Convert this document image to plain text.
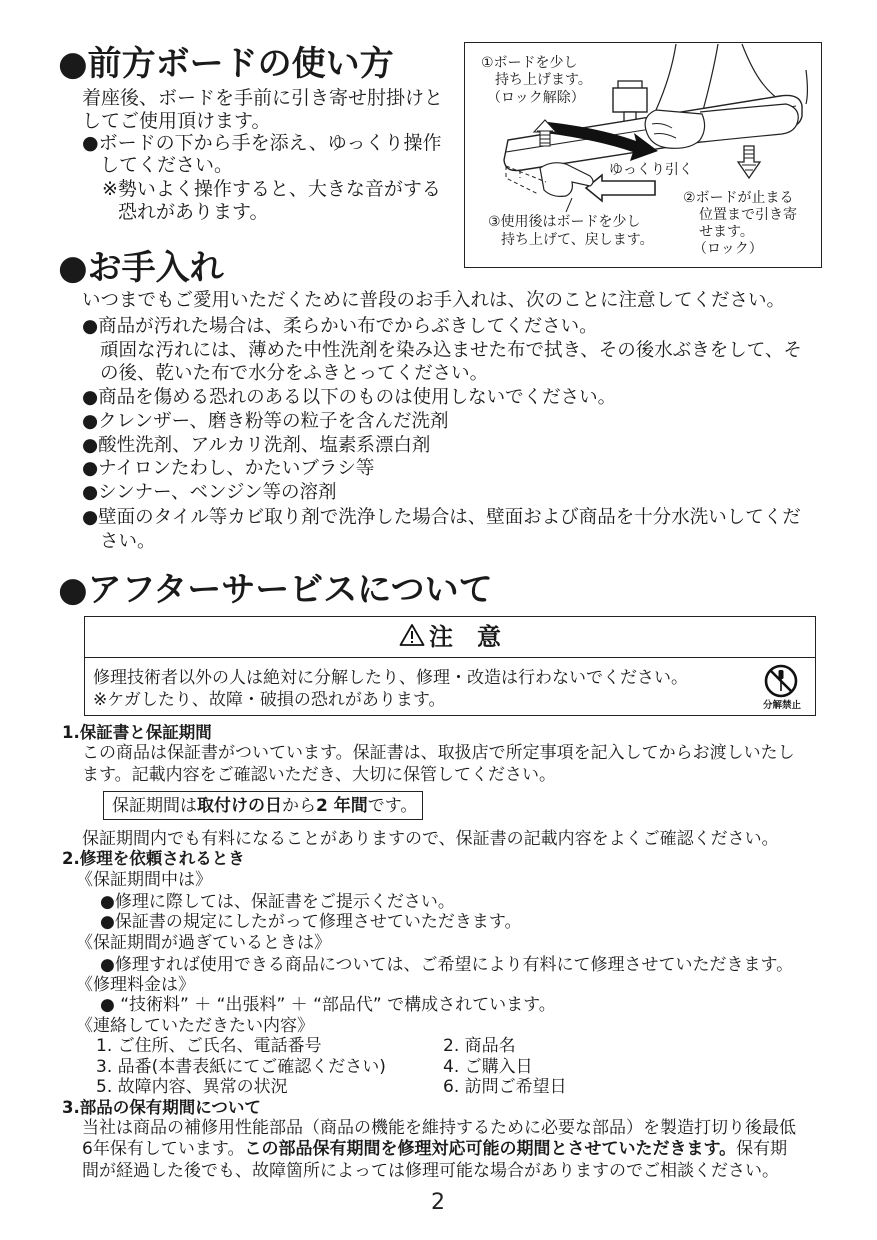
●前方ボードの使い方
着座後、ボードを手前に引き寄せ肘掛けと
してご使用頂けます。
●ボードの下から手を添え、ゆっくり操作
してください。
※勢いよく操作すると、大きな音がする
恐れがあります。
①ボードを少し
持ち上げます。
（ロック解除）
ゆっくり引く
②ボードが止まる
位置まで引き寄
せます。
（ロック）
③使用後はボードを少し
持ち上げて、戻します。
●お手入れ
いつまでもご愛用いただくために普段のお手入れは、次のことに注意してください。
●商品が汚れた場合は、柔らかい布でからぶきしてください。
頑固な汚れには、薄めた中性洗剤を染み込ませた布で拭き、その後水ぶきをして、そ
の後、乾いた布で水分をふきとってください。
●商品を傷める恐れのある以下のものは使用しないでください。
●クレンザー、磨き粉等の粒子を含んだ洗剤
●酸性洗剤、アルカリ洗剤、塩素系漂白剤
●ナイロンたわし、かたいブラシ等
●シンナー、ベンジン等の溶剤
●壁面のタイル等カビ取り剤で洗浄した場合は、壁面および商品を十分水洗いしてくだ
さい。
●アフターサービスについて
注　意
修理技術者以外の人は絶対に分解したり、修理・改造は行わないでください。
※ケガしたり、故障・破損の恐れがあります。	分解禁止
1.保証書と保証期間
この商品は保証書がついています。保証書は、取扱店で所定事項を記入してからお渡しいたし
ます。記載内容をご確認いただき、大切に保管してください。
保証期間は取付けの日から2 年間です。
保証期間内でも有料になることがありますので、保証書の記載内容をよくご確認ください。
2.修理を依頼されるとき
《保証期間中は》
●修理に際しては、保証書をご提示ください。
●保証書の規定にしたがって修理させていただきます。
《保証期間が過ぎているときは》
●修理すれば使用できる商品については、ご希望により有料にて修理させていただきます。
《修理料金は》
● “技術料” ＋ “出張料” ＋ “部品代” で構成されています。
《連絡していただきたい内容》
1. ご住所、ご氏名、電話番号	2. 商品名
3. 品番(本書表紙にてご確認ください)	4. ご購入日
5. 故障内容、異常の状況	6. 訪問ご希望日
3.部品の保有期間について
当社は商品の補修用性能部品（商品の機能を維持するために必要な部品）を製造打切り後最低
6年保有しています。この部品保有期間を修理対応可能の期間とさせていただきます。保有期
間が経過した後でも、故障箇所によっては修理可能な場合がありますのでご相談ください。
2
